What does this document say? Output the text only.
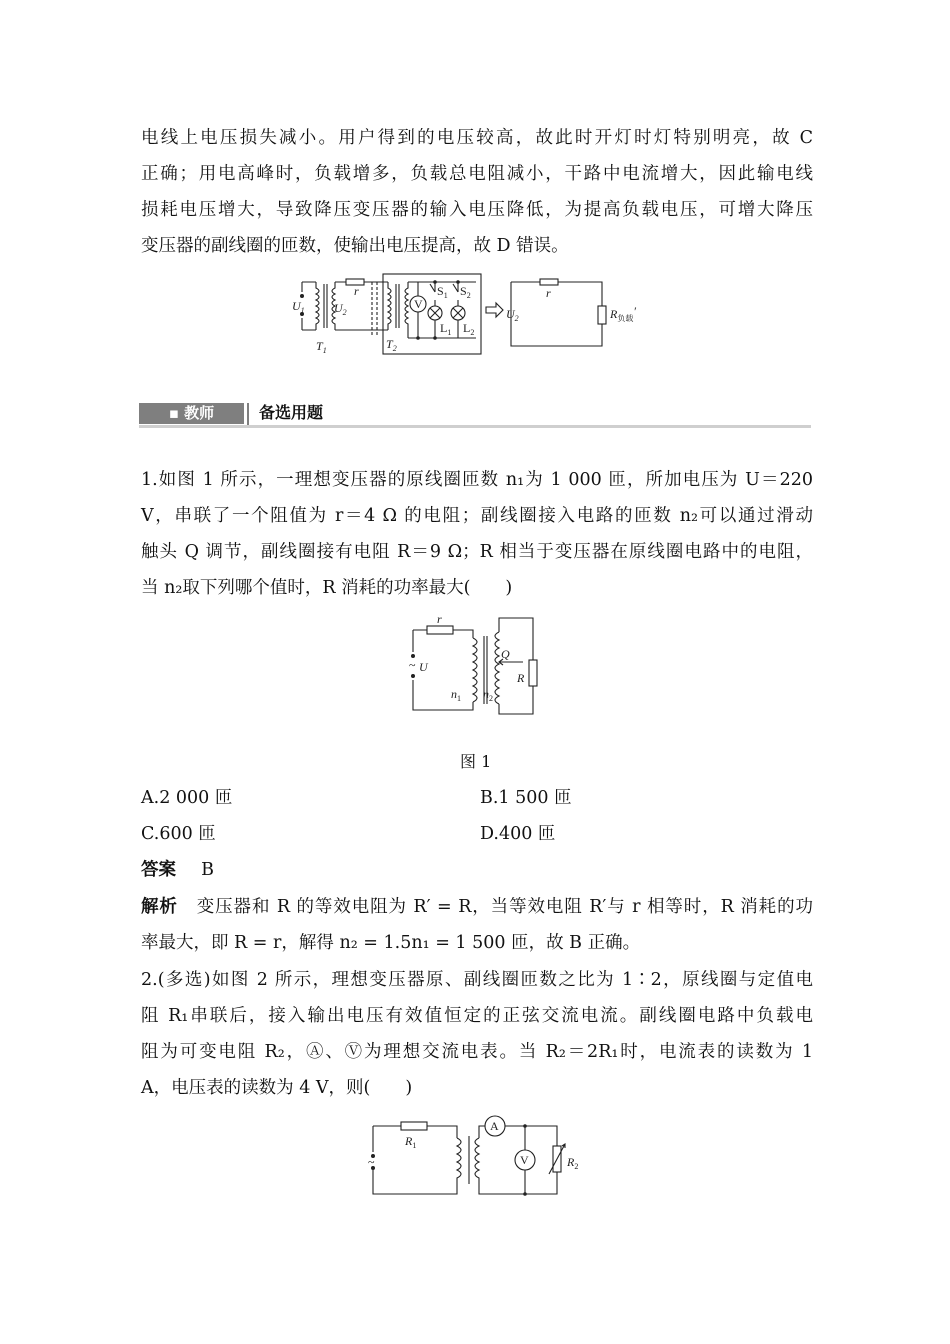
电线上电压损失减小。用户得到的电压较高，故此时开灯时灯特别明亮，故 C
正确；用电高峰时，负载增多，负载总电阻减小，干路中电流增大，因此输电线
损耗电压增大，导致降压变压器的输入电压降低，为提高负载电压，可增大降压
变压器的副线圈的匝数，使输出电压提高，故 D 错误。
$U_1$ $U_2$
r
$T_1$	$T_2$
V
$S_1$ $S_2$
$L_1$ $L_2$
$U_2$
r
$R_{负载}'$
▪ 教师	备选用题
1.如图 1 所示，一理想变压器的原线圈匝数 n₁为 1 000 匝，所加电压为 U＝220
V，串联了一个阻值为 r＝4 Ω 的电阻；副线圈接入电路的匝数 n₂可以通过滑动
触头 Q 调节，副线圈接有电阻 R＝9 Ω；R 相当于变压器在原线圈电路中的电阻，
当 n₂取下列哪个值时，R 消耗的功率最大(　　)
~ U
r
Q
R
$n_1$ $n_2$
图 1
A.2 000 匝	B.1 500 匝
C.600 匝	D.400 匝
答案 B
解析 变压器和 R 的等效电阻为 R′ = R，当等效电阻 R′与 r 相等时，R 消耗的功
率最大，即 R = r，解得 n₂ = 1.5n₁ = 1 500 匝，故 B 正确。
2.(多选)如图 2 所示，理想变压器原、副线圈匝数之比为 1∶2，原线圈与定值电
阻 R₁串联后，接入输出电压有效值恒定的正弦交流电流。副线圈电路中负载电
阻为可变电阻 R₂，Ⓐ、Ⓥ为理想交流电表。当 R₂＝2R₁时，电流表的读数为 1
A，电压表的读数为 4 V，则(　　)
~
$R_1$
A
V	$R_2$
